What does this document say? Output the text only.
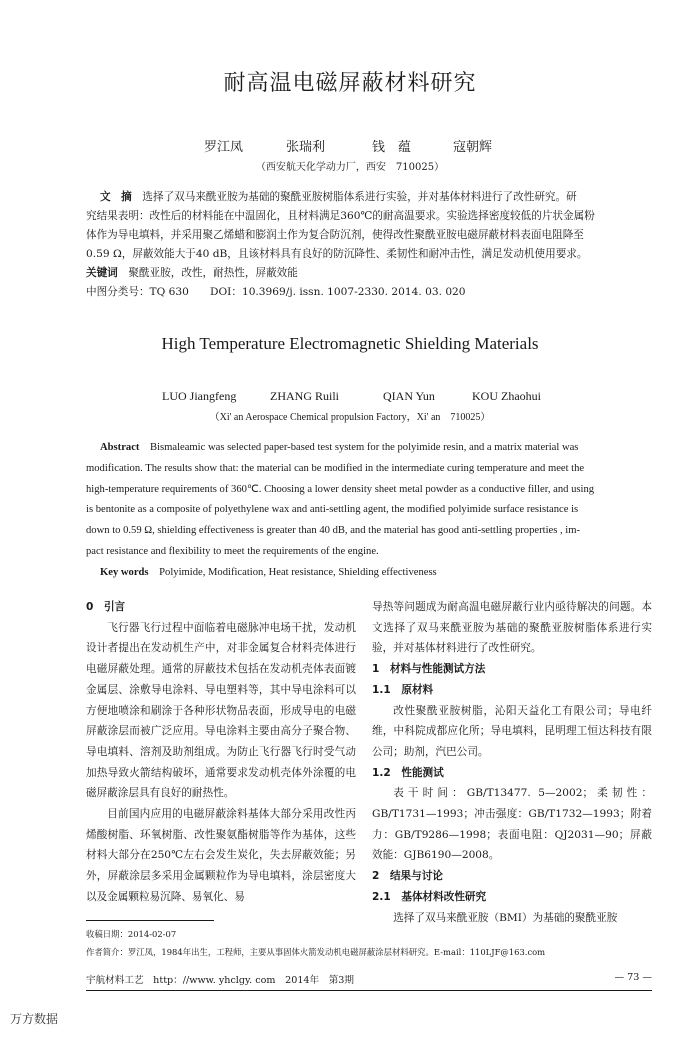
耐高温电磁屏蔽材料研究
罗江凤	张瑞利	钱　蕴	寇朝辉
（西安航天化学动力厂，西安　710025）
文　摘　 选择了双马来酰亚胺为基础的聚酰亚胺树脂体系进行实验，并对基体材料进行了改性研究。研
究结果表明：改性后的材料能在中温固化，且材料满足360℃的耐高温要求。实验选择密度较低的片状金属粉
体作为导电填料，并采用聚乙烯蜡和膨润土作为复合防沉剂，使得改性聚酰亚胺电磁屏蔽材料表面电阻降至
0.59 Ω，屏蔽效能大于40 dB，且该材料具有良好的防沉降性、柔韧性和耐冲击性，满足发动机使用要求。
关键词　 聚酰亚胺，改性，耐热性，屏蔽效能
中图分类号：TQ 630 DOI：10.3969/j. issn. 1007-2330. 2014. 03. 020
High Temperature Electromagnetic Shielding Materials
LUO Jiangfeng	ZHANG Ruili	QIAN Yun	KOU Zhaohui
（Xi' an Aerospace Chemical propulsion Factory，Xi' an　710025）
Abstract　 Bismaleamic was selected paper-based test system for the polyimide resin, and a matrix material was
modification. The results show that: the material can be modified in the intermediate curing temperature and meet the
high-temperature requirements of 360℃. Choosing a lower density sheet metal powder as a conductive filler, and using
is bentonite as a composite of polyethylene wax and anti-settling agent, the modified polyimide surface resistance is
down to 0.59 Ω, shielding effectiveness is greater than 40 dB, and the material has good anti-settling properties , im-
pact resistance and flexibility to meet the requirements of the engine.
Key words　 Polyimide, Modification, Heat resistance, Shielding effectiveness

0　引言

飞行器飞行过程中面临着电磁脉冲电场干扰，发动机设计者提出在发动机生产中，对非金属复合材料壳体进行电磁屏蔽处理。通常的屏蔽技术包括在发动机壳体表面镀金属层、涂敷导电涂料、导电塑料等，其中导电涂料可以方便地喷涂和刷涂于各种形状物品表面，形成导电的电磁屏蔽涂层而被广泛应用。导电涂料主要由高分子聚合物、导电填料、溶剂及助剂组成。为防止飞行器飞行时受气动加热导致火箭结构破坏，通常要求发动机壳体外涂覆的电磁屏蔽涂层具有良好的耐热性。

目前国内应用的电磁屏蔽涂料基体大部分采用改性丙烯酸树脂、环氧树脂、改性聚氨酯树脂等作为基体，这些材料大部分在250℃左右会发生炭化，失去屏蔽效能；另外，屏蔽涂层多采用金属颗粒作为导电填料，涂层密度大以及金属颗粒易沉降、易氧化、易

导热等问题成为耐高温电磁屏蔽行业内亟待解决的问题。本文选择了双马来酰亚胺为基础的聚酰亚胺树脂体系进行实验，并对基体材料进行了改性研究。

1　材料与性能测试方法

1.1　原材料

改性聚酰亚胺树脂，沁阳天益化工有限公司；导电纤维，中科院成都应化所；导电填料，昆明理工恒达科技有限公司；助剂，汽巴公司。

1.2　性能测试

表干时间：GB/T13477. 5—2002；柔韧性：GB/T1731—1993；冲击强度：GB/T1732—1993；附着力：GB/T9286—1998；表面电阻：QJ2031—90；屏蔽效能：GJB6190—2008。

2　结果与讨论

2.1　基体材料改性研究

选择了双马来酰亚胺（BMI）为基础的聚酰亚胺

收稿日期：2014-02-07
作者简介：罗江凤，1984年出生，工程师，主要从事固体火箭发动机电磁屏蔽涂层材料研究。E-mail：110LJF@163.com
宇航材料工艺　http：//www. yhclgy. com　2014年　第3期	— 73 —
万方数据
